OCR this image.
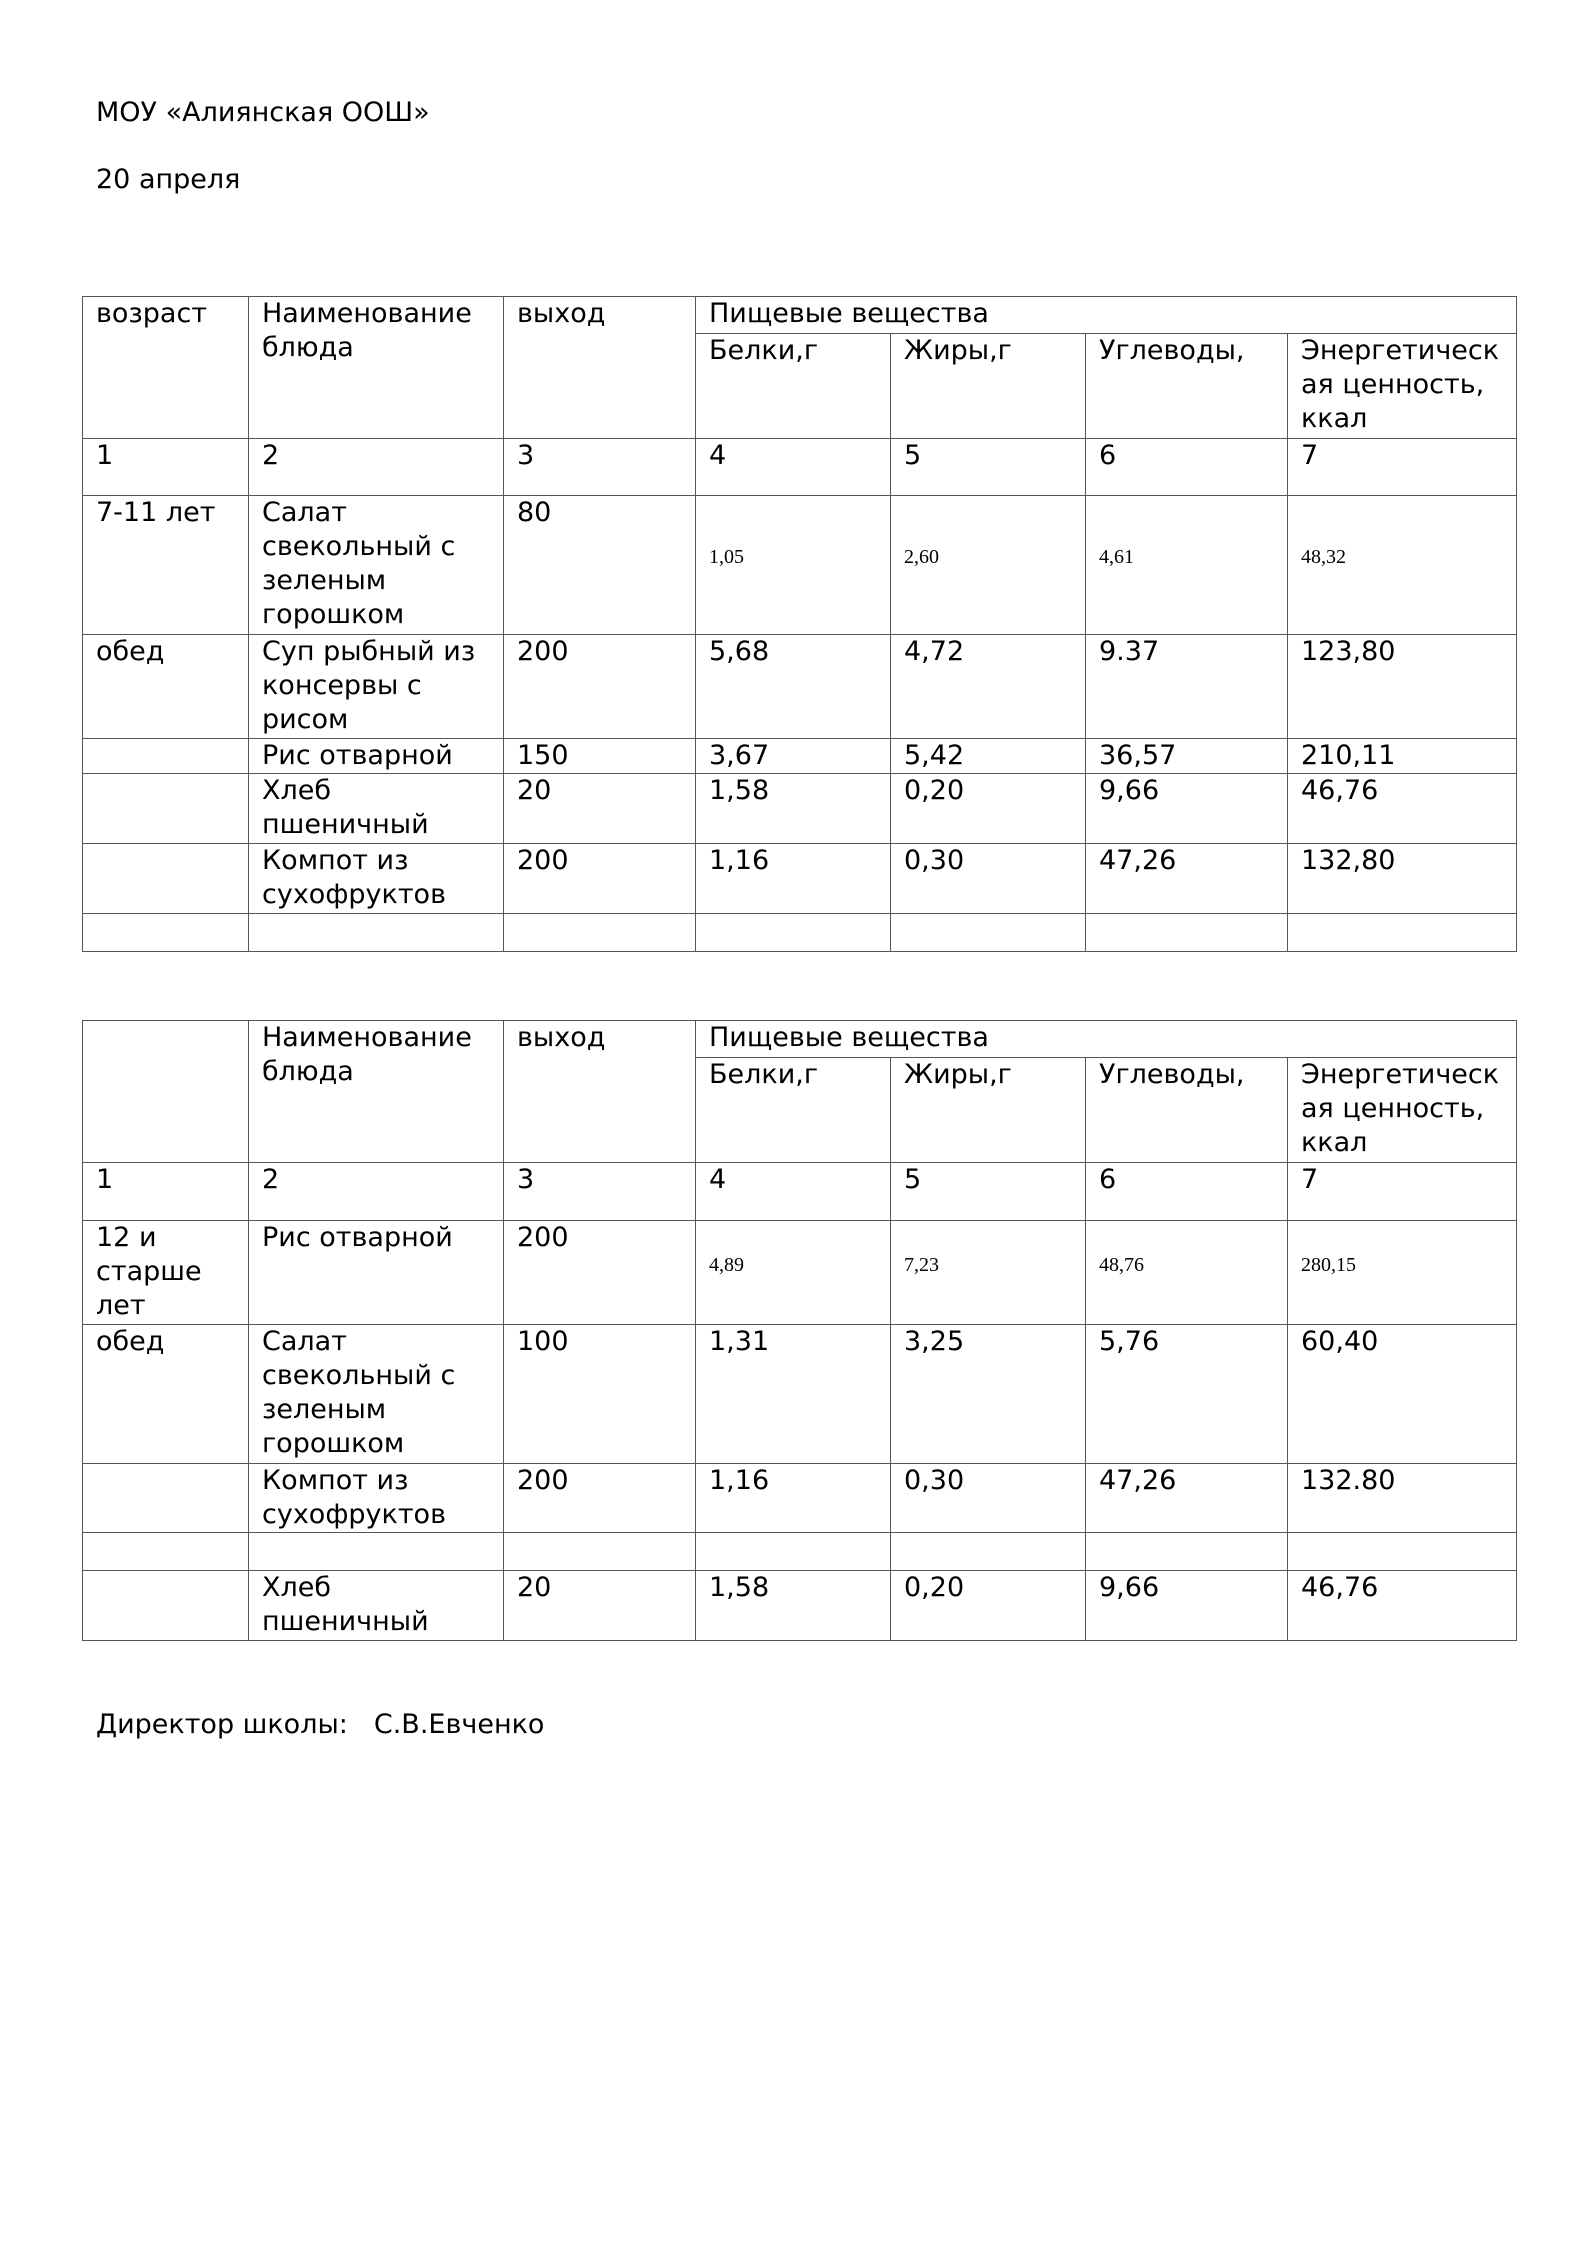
МОУ «Алиянская ООШ»
20 апреля
возраст	Наименование блюда	выход	Пищевые вещества			
			Белки,г	Жиры,г	Углеводы,	Энергетическая ценность, ккал
1	2	3	4	5	6	7
7-11 лет	Салат свекольный с зеленым горошком	80	1,05	2,60	4,61	48,32

обед	Суп рыбный из консервы с рисом	200	5,68	4,72	9.37	123,80
	Рис отварной	150	3,67	5,42	36,57	210,11
	Хлеб пшеничный	20	1,58	0,20	9,66	46,76
	Компот из сухофруктов	200	1,16	0,30	47,26	132,80

	Наименование блюда	выход	Пищевые вещества			
			Белки,г	Жиры,г	Углеводы,	Энергетическая ценность, ккал
1	2	3	4	5	6	7
12 и старше лет	Рис отварной	200	4,89	7,23	48,76	280,15

обед	Салат свекольный с зеленым горошком	100	1,31	3,25	5,76	60,40
	Компот из сухофруктов	200	1,16	0,30	47,26	132.80

	Хлеб пшеничный	20	1,58	0,20	9,66	46,76
Директор школы: С.В.Евченко
